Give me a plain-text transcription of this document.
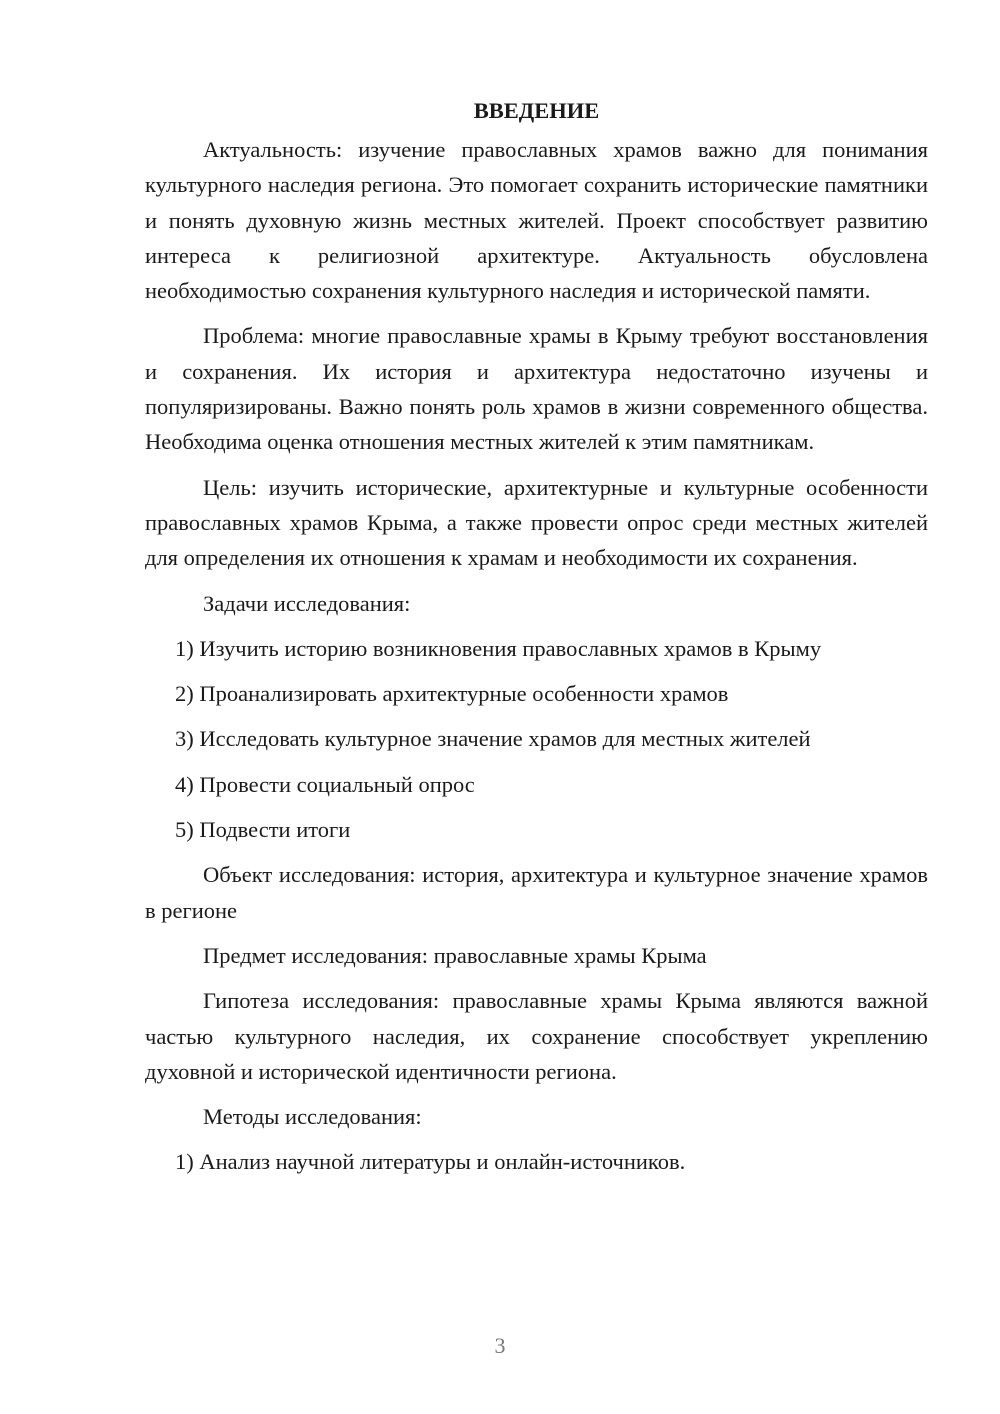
ВВЕДЕНИЕ

Актуальность: изучение православных храмов важно для понимания культурного наследия региона. Это помогает сохранить исторические памятники и понять духовную жизнь местных жителей. Проект способствует развитию интереса к религиозной архитектуре. Актуальность обусловлена необходимостью сохранения культурного наследия и исторической памяти.

Проблема: многие православные храмы в Крыму требуют восстановления и сохранения. Их история и архитектура недостаточно изучены и популяризированы. Важно понять роль храмов в жизни современного общества. Необходима оценка отношения местных жителей к этим памятникам.

Цель: изучить исторические, архитектурные и культурные особенности православных храмов Крыма, а также провести опрос среди местных жителей для определения их отношения к храмам и необходимости их сохранения.

Задачи исследования:
1) Изучить историю возникновения православных храмов в Крыму
2) Проанализировать архитектурные особенности храмов
3) Исследовать культурное значение храмов для местных жителей
4) Провести социальный опрос
5) Подвести итоги

Объект исследования: история, архитектура и культурное значение храмов в регионе

Предмет исследования: православные храмы Крыма

Гипотеза исследования: православные храмы Крыма являются важной частью культурного наследия, их сохранение способствует укреплению духовной и исторической идентичности региона.

Методы исследования:
1) Анализ научной литературы и онлайн-источников.
3
